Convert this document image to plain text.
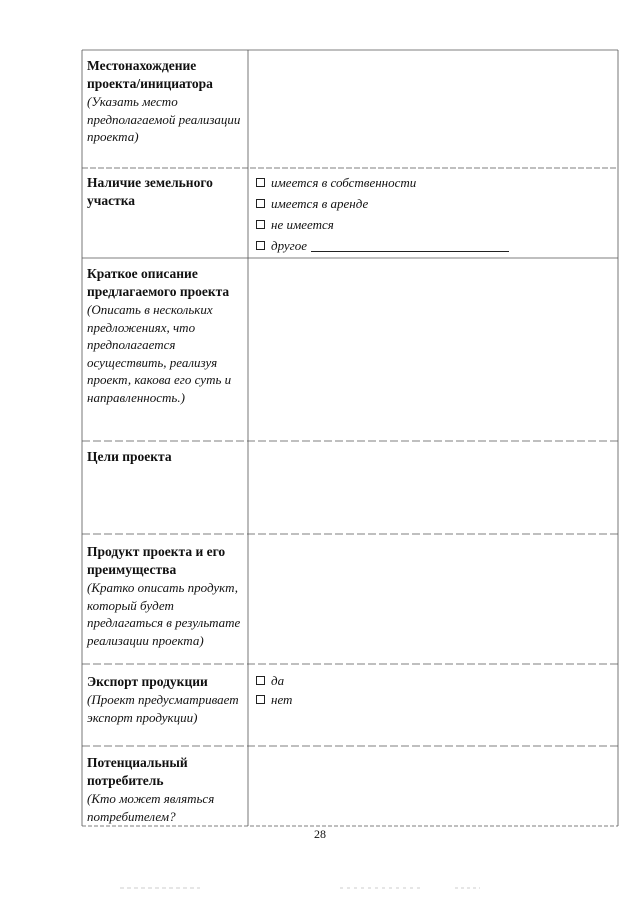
Местонахождение проекта/инициатора
(Указать место предполагаемой реализации проекта)
Наличие земельного участка
имеется в собственности
имеется в аренде
не имеется
другое
Краткое описание предлагаемого проекта
(Описать в нескольких предложениях, что предполагается осуществить, реализуя проект, какова его суть и направленность.)
Цели проекта
Продукт проекта и его преимущества
(Кратко описать продукт, который будет предлагаться в результате реализации проекта)
Экспорт продукции
(Проект предусматривает экспорт продукции)
да
нет
Потенциальный потребитель
(Кто может являться потребителем?
28
